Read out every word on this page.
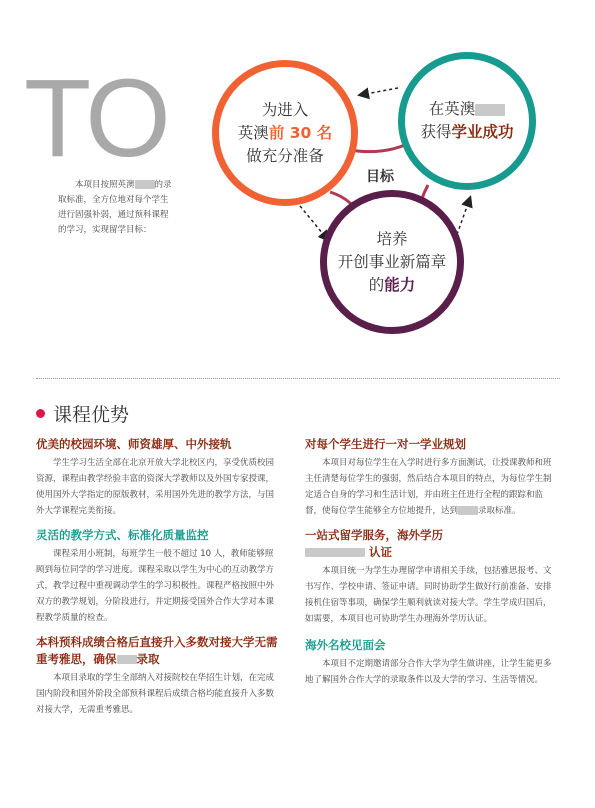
TO
本项目按照英澳 的录取标准，全方位地对每个学生进行固强补弱，通过预科课程的学习，实现留学目标：
为进入
英澳前 30 名
做充分准备
在英澳
获得学业成功
培养
开创事业新篇章
的能力
目标
课程优势
优美的校园环境、师资雄厚、中外接轨

学生学习生活全部在北京开放大学北校区内，享受优质校园资源，课程由教学经验丰富的资深大学教师以及外国专家授课，使用国外大学指定的原版教材，采用国外先进的教学方法，与国外大学课程完美衔接。

灵活的教学方式、标准化质量监控

课程采用小班制，每班学生一般不超过 10 人，教师能够照顾到每位同学的学习进度。课程采取以学生为中心的互动教学方式，教学过程中重视调动学生的学习积极性。课程严格按照中外双方的教学规划，分阶段进行，并定期接受国外合作大学对本课程教学质量的检查。

本科预科成绩合格后直接升入多数对接大学无需重考雅思，确保 录取

本项目录取的学生全部纳入对接院校在华招生计划，在完成国内阶段和国外阶段全部预科课程后成绩合格均能直接升入多数对接大学，无需重考雅思。

对每个学生进行一对一学业规划

本项目对每位学生在入学时进行多方面测试，让授课教师和班主任清楚每位学生的强弱，然后结合本项目的特点，为每位学生制定适合自身的学习和生活计划，并由班主任进行全程的跟踪和监督，使每位学生能够全方位地提升，达到 录取标准。

一站式留学服务，海外学历
认证

本项目统一为学生办理留学申请相关手续，包括雅思报考、文书写作、学校申请、签证申请。同时协助学生做好行前准备、安排接机住宿等事项，确保学生顺利就读对接大学。学生学成归国后，如需要，本项目也可协助学生办理海外学历认证。

海外名校见面会

本项目不定期邀请部分合作大学为学生做讲座，让学生能更多地了解国外合作大学的录取条件以及大学的学习、生活等情况。
